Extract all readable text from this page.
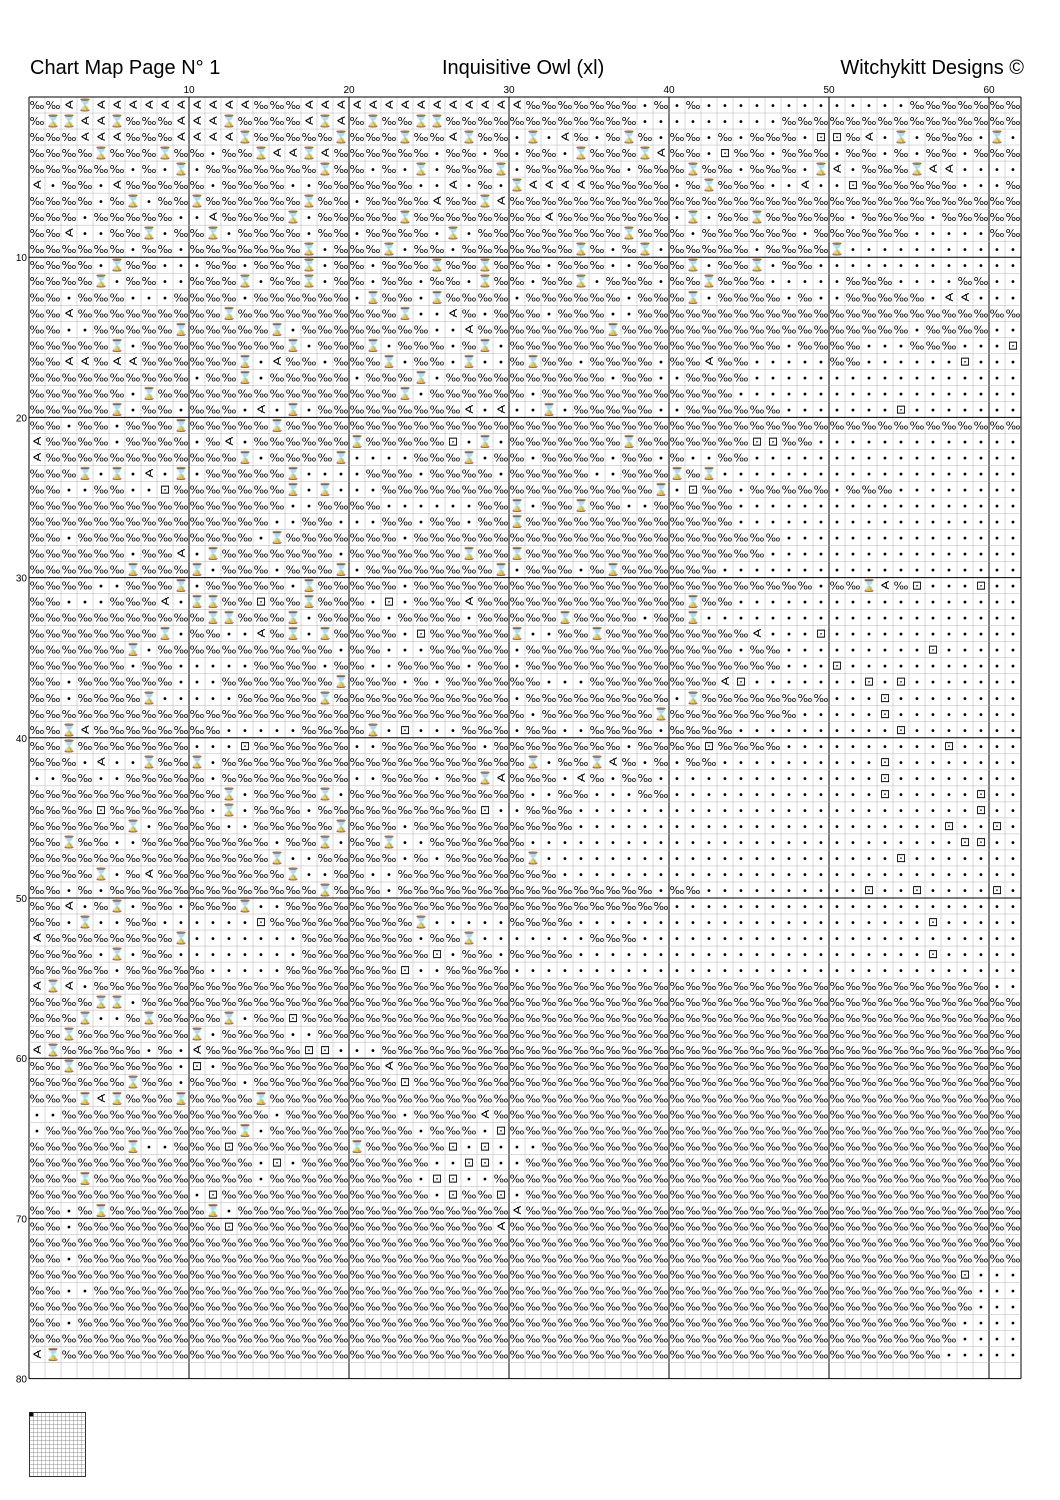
Chart Map Page N° 1	Inquisitive Owl (xl)	Witchykitt Designs ©
10	20	30	40	50	60
10
20
30
40
50
60
70
80
‰ ‰ ∢ ⌛ ∢ ∢ ∢ ∢ ∢ ∢ ∢ ∢ ∢ ∢ ‰ ‰ ‰ ∢ ∢ ∢ ∢ ∢ ∢ ∢ ∢ ∢ ∢ ∢ ∢ ∢ ∢ ‰ ‰ ‰ ‰ ‰ ‰ ‰ • ‰ • ‰ • • • • • • • • • • • • • ‰ ‰ ‰ ‰ ‰ ‰ ‰
‰ ⌛ ⌛ ∢ ∢ ⌛ ‰ ‰ ‰ ∢ ∢ ∢ ⌛ ‰ ‰ ‰ ‰ ∢ ⌛ ∢ ‰ ⌛ ‰ ‰ ⌛ ⌛ ‰ ‰ ‰ ‰ ‰ ‰ ‰ ‰ ‰ ‰ ‰ ‰ • • • • • • • • • ‰ ‰ ‰ ‰ ‰ ‰ ‰ ‰ ‰ ‰ ‰ ‰ ‰ ‰ ‰
‰ ‰ ‰ ∢ ∢ ∢ ‰ ‰ ‰ ∢ ∢ ∢ ∢ ⌛ ‰ ‰ ‰ ‰ ‰ ⌛ ‰ ‰ ‰ ⌛ ‰ ‰ ∢ ⌛ ‰ ‰ • ⌛ • ∢ ‰ • ‰ ⌛ ‰ • ‰ ‰ • ‰ • ‰ ‰ ‰ • ⊡ ⊡ ‰ ∢ • ⌛ • ‰ ‰ ‰ • ⌛ •
‰ ‰ ‰ ‰ ⌛ ‰ ‰ ‰ ⌛ ‰ ‰ • ‰ ‰ ⌛ ∢ ∢ ⌛ ∢ ‰ ‰ ‰ ‰ ‰ ‰ • ‰ ‰ • ‰ • ‰ ‰ • ⌛ ‰ ‰ ‰ ⌛ ∢ ‰ ‰ • ⊡ ‰ ‰ • ‰ ‰ ‰ • ‰ ‰ • ‰ • ‰ ‰ • ‰ ‰ ‰
‰ ‰ ‰ ‰ ‰ ‰ • ‰ • ⌛ • ‰ ‰ ‰ ‰ ‰ ‰ ‰ ⌛ ‰ ‰ • ‰ • ⌛ • ‰ ‰ ‰ ⌛ • ‰ ‰ ‰ ‰ ‰ ‰ • ‰ ‰ ‰ ⌛ ‰ ‰ • ‰ ‰ ‰ • ⌛ ∢ • ‰ ‰ ‰ ⌛ ∢ ∢ • • • •
∢ • ‰ ‰ • ∢ ‰ ‰ ‰ ‰ ‰ • ‰ ‰ ‰ ‰ • • ‰ ‰ ‰ ‰ ‰ ‰ • • ∢ • ‰ • ⌛ ∢ ∢ ∢ ∢ ‰ ‰ ‰ ‰ ‰ • ‰ ⌛ ‰ ‰ ‰ • • ∢ • • ⊡ ‰ ‰ ‰ ‰ ‰ ‰ • • • ‰
‰ ‰ ‰ ‰ • ‰ ⌛ • ‰ ‰ ⌛ ‰ ‰ ‰ ‰ ‰ ‰ ⌛ ‰ ‰ • ‰ ‰ ‰ ‰ ∢ ‰ ‰ ⌛ ∢ ‰ ‰ ‰ ‰ ‰ ‰ ‰ ‰ ‰ ‰ ‰ ‰ ‰ ‰ ‰ ‰ ‰ ‰ ‰ ‰ ‰ ‰ ‰ ‰ ‰ ‰ ‰ ‰ ‰ ‰ ‰ ‰
‰ ‰ ‰ • ‰ ‰ ‰ ‰ ‰ • • ∢ ‰ ‰ ‰ ‰ ⌛ • ‰ ‰ ‰ ‰ ‰ ⌛ ‰ ‰ ‰ ‰ ‰ ‰ ‰ ‰ ∢ ‰ ‰ ‰ ‰ ‰ ‰ ‰ • ⌛ • ‰ ‰ ⌛ ‰ ‰ ‰ ‰ ‰ • ‰ ‰ ‰ ‰ • ‰ ‰ ‰ ‰ ‰
‰ ‰ ∢ • • ‰ ‰ ⌛ • ‰ ‰ ⌛ • ‰ ‰ ‰ ‰ • ‰ ‰ • ‰ ‰ ‰ ‰ • ⌛ • ‰ ‰ ‰ ‰ ‰ ‰ ‰ ‰ ‰ ⌛ ‰ ‰ ‰ • ‰ ‰ ‰ ‰ ‰ ‰ • ‰ ‰ ‰ ‰ ‰ ‰ • • • • • ‰ ‰
‰ ‰ ‰ ‰ ‰ ‰ • ‰ ‰ • ‰ ‰ ‰ ‰ ‰ ‰ ‰ ⌛ • ‰ ‰ ‰ ⌛ • ‰ ‰ • ‰ ‰ ‰ ‰ ‰ ‰ ‰ ⌛ ‰ • ‰ ⌛ • ‰ ‰ ‰ ‰ ‰ • ‰ ‰ ‰ ‰ ⌛ • • • • • • • • • • •
‰ ‰ ‰ ‰ • ⌛ ‰ ‰ • • • ‰ ‰ • ‰ ‰ ‰ ⌛ • ‰ ‰ • ‰ ‰ ‰ ⌛ ‰ ‰ ⌛ ‰ ‰ ‰ • ‰ ‰ ‰ • • ‰ ‰ ‰ ⌛ • ‰ ‰ ⌛ • ‰ ‰ • • • • • • • • • • • • •
‰ ‰ ‰ ‰ ⌛ • ‰ ‰ • • ‰ ‰ ‰ ⌛ • ‰ ‰ ⌛ • ‰ ‰ • ‰ ‰ • ‰ ‰ • ⌛ ‰ ‰ • ‰ ‰ ⌛ • ‰ ‰ ‰ • ‰ ‰ ⌛ ‰ ‰ ‰ • • • • • ‰ ‰ ‰ • • • • ‰ ‰ • •
‰ ‰ • ‰ ‰ ‰ • • • ‰ ‰ ‰ ‰ • ‰ ‰ ‰ ‰ ‰ ‰ • ⌛ ‰ ‰ • ⌛ ‰ ‰ ‰ ‰ • ‰ ‰ ‰ ‰ ‰ ‰ • ‰ ‰ ‰ ⌛ • ‰ ‰ ‰ ‰ • ‰ • • ‰ ‰ ‰ ‰ ‰ • ∢ ∢ • • •
‰ ‰ ∢ ‰ ‰ ‰ ‰ ‰ ‰ ‰ ‰ ‰ ⌛ ‰ ‰ ‰ ‰ ‰ ‰ ‰ ‰ ‰ ‰ ⌛ • • ∢ ‰ • ‰ ‰ ‰ • ‰ ‰ ‰ • • ‰ ‰ ‰ ‰ ‰ ‰ ‰ ‰ ‰ ‰ ‰ ‰ ‰ ‰ ‰ ‰ ‰ ‰ ‰ ‰ ‰ ‰ ‰ ‰
‰ ‰ • • ‰ ‰ ‰ ‰ ‰ ⌛ ‰ ‰ ‰ ‰ ‰ ⌛ • ‰ ‰ ‰ ‰ ‰ ‰ ‰ ‰ • • ∢ ‰ ‰ ‰ ‰ ‰ ‰ ‰ ‰ ⌛ ‰ ‰ ‰ ‰ ‰ ‰ ‰ ‰ ‰ ‰ ‰ ‰ ‰ ‰ ‰ ‰ ‰ ‰ • ‰ ‰ ‰ ‰ • •
‰ ‰ ‰ ‰ ‰ ⌛ • ‰ ‰ ‰ ‰ ‰ ‰ ‰ ‰ ‰ ⌛ • ‰ ‰ ‰ ⌛ • ‰ ‰ ‰ • ‰ ⌛ • ‰ ‰ ‰ ‰ ‰ ‰ ‰ ‰ ‰ ‰ ‰ ‰ ‰ ‰ ‰ ‰ ‰ • ‰ ‰ ‰ ‰ • • • ‰ ‰ ‰ • • • ⊡
‰ ‰ ∢ ∢ ‰ ∢ ∢ ‰ ‰ ‰ ‰ ‰ ‰ ⌛ • ∢ ‰ ‰ • ‰ ‰ ‰ ⌛ • ‰ ‰ • ⌛ • • ‰ ⌛ ‰ ‰ • ‰ ‰ ‰ ‰ • ‰ ‰ ∢ ‰ ‰ • • • • • ‰ ‰ • • • • • • ⊡ • • •
‰ ‰ ‰ ‰ ‰ ‰ ‰ ‰ ‰ ‰ • ‰ ‰ ⌛ • ‰ ‰ ‰ ‰ ‰ • ‰ ‰ ‰ ⌛ • ‰ ‰ ‰ ‰ ‰ ‰ ‰ ‰ ‰ ‰ • ‰ ‰ • • ‰ ‰ ‰ ‰ • • • • • • • • • • • • • • • • •
‰ ‰ ‰ ‰ ‰ ‰ • ⌛ ‰ ‰ ‰ ‰ ‰ ‰ ‰ ‰ ‰ ‰ ‰ ‰ ‰ ‰ ‰ ⌛ • ‰ ‰ ‰ ‰ ‰ ‰ • ‰ ‰ ‰ ‰ ‰ ‰ ‰ ‰ ‰ ‰ ‰ ‰ • • • • • • • • • • • • • • • • • •
‰ ‰ ‰ ‰ ‰ ⌛ • ‰ ‰ • ‰ ‰ ‰ • ∢ • ⌛ • ‰ ‰ ‰ ‰ ‰ ‰ ‰ ‰ ‰ ∢ • ∢ • • ⌛ • ‰ ‰ ‰ ‰ ‰ • • ‰ ‰ ‰ ‰ ‰ ‰ • • • • • • • ⊡ • • • • • • •
‰ ‰ • ‰ ‰ • ‰ ‰ ‰ ⌛ ‰ ‰ ‰ ‰ ‰ ⌛ ‰ ‰ ‰ ‰ ‰ ‰ ‰ ‰ ‰ ‰ ‰ ‰ ‰ ‰ ‰ ‰ ‰ ‰ ‰ ‰ ‰ ‰ ‰ ‰ ‰ ‰ ‰ ‰ ‰ ‰ ‰ ‰ ‰ ‰ ‰ ‰ ‰ ‰ ‰ ‰ ‰ ‰ ‰ ‰ ‰ ‰
∢ ‰ ‰ ‰ ‰ • ‰ ‰ ‰ ‰ • ‰ ∢ • ‰ ‰ ‰ ‰ ‰ ‰ ⌛ ‰ ‰ ‰ ‰ ‰ ⊡ • ⌛ • ‰ ‰ ‰ ‰ ‰ ‰ ‰ ⌛ ‰ ‰ ‰ ‰ ‰ ‰ ‰ ⊡ ⊡ ‰ ‰ • • • • • • • • • • • • •
∢ ‰ ‰ ‰ ‰ ‰ ‰ ‰ ‰ ‰ ‰ ‰ ‰ ⌛ • ‰ ‰ ‰ ‰ ⌛ • • • • ‰ ‰ ‰ ⌛ • ‰ ‰ • ‰ ‰ ‰ ‰ • ‰ ‰ • ‰ • • ‰ ‰ • • • • • • • • • • • • • • • • •
‰ ‰ ‰ ⌛ • ⌛ • ∢ • ⌛ • ‰ ‰ ‰ ‰ ‰ ⌛ • • • • ‰ ‰ ‰ • ‰ ‰ ‰ ‰ • ‰ ‰ ‰ ‰ ‰ • • ‰ ‰ ‰ ⌛ ‰ ⌛ • • • • • • • • • • • • • • • • • • •
‰ ‰ • • ‰ ‰ • • ⊡ ‰ ‰ ‰ ‰ ‰ ‰ ‰ ⌛ • ⌛ • • • ‰ ‰ ‰ ‰ ‰ ‰ ‰ ‰ ‰ ‰ ‰ ‰ ‰ ‰ ‰ ‰ ‰ ⌛ • ⊡ ‰ ‰ • ‰ ‰ ‰ ‰ ‰ • ‰ ‰ ‰ • • • • • • • •
‰ ‰ ‰ ‰ ‰ ‰ ‰ ‰ ‰ ‰ ‰ ‰ ‰ ‰ ‰ ‰ • • ‰ ‰ ‰ ‰ • • • • • • ‰ ‰ ⌛ • ‰ ‰ ⌛ ‰ ‰ • • ‰ ‰ ‰ ‰ ‰ • • • • • • • • • • • • • • • • • •
‰ ‰ ‰ ‰ ‰ ‰ ‰ ‰ ‰ ‰ ‰ ‰ ‰ ‰ ‰ • • ‰ ‰ • • • ‰ ‰ • ‰ ‰ • ‰ ‰ ⌛ ‰ ‰ ‰ ‰ ‰ ‰ ‰ ‰ ‰ ‰ ‰ ‰ ‰ • • • • • • • • • • • • • • • • • •
‰ ‰ • ‰ ‰ ‰ ‰ ‰ ‰ ‰ ‰ ‰ ‰ ‰ • ⌛ ‰ ‰ ‰ ‰ ‰ ‰ ‰ • ‰ ‰ ‰ ‰ ‰ ‰ ‰ ‰ ‰ ‰ ‰ ‰ ‰ ‰ ‰ ‰ ‰ ‰ ‰ ‰ ‰ ‰ ‰ • • • • • • • • • • • • • • •
‰ ‰ ‰ ‰ ‰ ‰ • ‰ ‰ ∢ • ⌛ ‰ ‰ ‰ ‰ ‰ ‰ ‰ • ‰ ‰ ‰ ‰ ‰ ‰ ‰ ⌛ ‰ ‰ ⌛ ‰ ‰ ‰ ‰ ‰ ‰ ‰ ‰ ‰ ‰ ‰ ‰ ‰ ‰ ‰ • • • • • • • • • • • • • • • •
‰ ‰ ‰ ‰ ‰ ‰ ⌛ ‰ ‰ ‰ ⌛ • ‰ ‰ ‰ • ‰ ‰ ‰ ⌛ • ‰ ‰ ‰ ‰ ‰ ‰ ‰ ‰ ⌛ • ‰ ‰ ‰ • ‰ ⌛ ‰ ‰ ‰ ‰ ‰ ‰ • • • • • • • • • • • • • • • • • • •
‰ ‰ ‰ ‰ • • ‰ ‰ ‰ ⌛ • ‰ ‰ ‰ ‰ ‰ • ⌛ ‰ ‰ ‰ ‰ ‰ • ‰ ‰ ‰ ‰ ‰ ‰ ‰ ‰ ‰ ‰ ‰ ‰ ‰ ‰ ‰ ‰ ‰ ‰ ‰ ‰ ‰ ‰ ‰ ‰ ‰ • ‰ ‰ ⌛ ∢ ‰ ⊡ • • • ⊡ • •
‰ ‰ • • • ‰ ‰ ‰ ∢ • ⌛ ⌛ ‰ ‰ ⊡ ‰ ‰ ⌛ ‰ ‰ ‰ • ⊡ • ‰ ‰ ‰ ∢ ‰ ‰ ‰ ‰ ‰ ‰ ‰ ‰ ‰ ‰ ‰ ‰ ‰ ⌛ ‰ ‰ • • • • • • • • • • • • • • • • • •
‰ ‰ ‰ ‰ ‰ ‰ ‰ ‰ ‰ ‰ ‰ ⌛ ⌛ ‰ ‰ ‰ ⌛ • ‰ ‰ ‰ ‰ • ‰ ‰ ‰ ‰ • ‰ ‰ ‰ ‰ ‰ ⌛ ‰ ‰ ‰ ‰ • ‰ ‰ ⌛ • • • • • • • • • • • • • • • • • • • •
‰ ‰ ‰ ‰ ‰ ‰ ‰ ‰ ⌛ • ‰ ‰ • • ∢ ‰ ⌛ • ⌛ ‰ ‰ ‰ ‰ • ⊡ ‰ ‰ ‰ ‰ ‰ ⌛ • • ‰ ‰ ⌛ ‰ ‰ ‰ ‰ ‰ ‰ ‰ ‰ ‰ ∢ • • • ⊡ • • • • • • • • • • • •
‰ ‰ ‰ ‰ ‰ ‰ ⌛ • ‰ ‰ ‰ ‰ ‰ ‰ ‰ ‰ ‰ ‰ ‰ • ‰ ‰ • • • ‰ ‰ ‰ ‰ ‰ • ‰ ‰ ‰ ‰ ‰ ‰ ‰ ‰ ‰ ‰ ‰ ‰ ‰ • ‰ ‰ • • • • • • • • • ⊡ • • • • •
‰ ‰ ‰ ‰ ‰ ‰ • ‰ ‰ • • • • • ‰ ‰ ‰ ‰ • ‰ ‰ • • ‰ ‰ ‰ ‰ • ‰ ‰ • ‰ ‰ ‰ ‰ ‰ ‰ ‰ ‰ ‰ ‰ ‰ ‰ ‰ ‰ ‰ ‰ • • • ⊡ • • • • • • • • • • •
‰ ‰ • ‰ ‰ ‰ ‰ ‰ ‰ • • • ‰ ‰ ‰ ‰ ‰ ‰ ‰ ⌛ ‰ ‰ ‰ • ‰ • ‰ ‰ ‰ ‰ ‰ ‰ • • • ‰ ‰ ‰ ‰ ‰ ‰ ‰ ‰ ∢ ⊡ • • • • • • • ⊡ • ⊡ • • • • • • •
‰ ‰ • ‰ ‰ ‰ ‰ ⌛ • • • • • ‰ ‰ ‰ ‰ ‰ ⌛ ‰ ‰ ‰ ‰ ‰ ‰ ‰ ‰ ‰ ‰ ‰ • ‰ ‰ ‰ ‰ ‰ ‰ ‰ ‰ ‰ • ⌛ ‰ ‰ ‰ ‰ ‰ ‰ ‰ ‰ • • • ⊡ • • • • • • • •
‰ ‰ ‰ ‰ ‰ ‰ ‰ ‰ ‰ ‰ ‰ ‰ ‰ ‰ ‰ ‰ ‰ ‰ ‰ ‰ ‰ ‰ ‰ ‰ ‰ ‰ ‰ ‰ ‰ ‰ ‰ • ‰ ‰ ‰ ‰ ‰ ‰ ‰ ⌛ ‰ ‰ ‰ ‰ ‰ ‰ ‰ ‰ • • • • • ⊡ • • • • • • • •
‰ ‰ ⌛ ∢ ‰ ‰ ‰ ‰ ‰ ‰ ‰ ‰ • • • • • ‰ ‰ ‰ ‰ ⌛ • ⊡ • • • ‰ ‰ ‰ • ‰ ‰ • • ‰ ‰ ‰ ‰ • ‰ ‰ ‰ ‰ • • • • • • • • • • ⊡ • • • • • • •
‰ ‰ ⌛ ‰ ‰ ‰ ‰ ‰ ‰ ‰ • • • ⊡ ‰ ‰ ‰ ‰ ‰ ‰ • • ‰ ‰ ‰ ‰ ‰ ‰ • ‰ ‰ ‰ ‰ ‰ ‰ ‰ ‰ • ‰ ‰ ‰ ‰ ⊡ ‰ ‰ ‰ ‰ • • • • • • • • • • ⊡ • • • •
‰ ‰ ‰ • ∢ • • ⌛ ‰ ‰ ⌛ • ‰ ‰ ‰ ‰ ‰ ‰ ‰ ‰ ‰ ‰ ‰ ‰ ‰ ‰ ‰ ‰ ‰ ‰ ‰ ⌛ • ‰ ‰ ⌛ ∢ ‰ • ‰ • ‰ ‰ • • • • • • • • • • ⊡ • • • • • • • •
• • ‰ ‰ • • ‰ ‰ ‰ ‰ ‰ • ‰ ‰ ‰ ‰ ‰ ‰ ‰ ‰ • • ‰ ‰ ‰ • ‰ ‰ ⌛ ∢ ‰ ‰ ‰ • ∢ ‰ • ‰ ‰ • • • • • • • • • • • • • • ⊡ • • • • • • • •
‰ ‰ ‰ ‰ ‰ ‰ ‰ ‰ ‰ ‰ ‰ ‰ ⌛ • ‰ ‰ ‰ ‰ ⌛ • ‰ ‰ ‰ ‰ ‰ ‰ ‰ ‰ ‰ ‰ ‰ • • ‰ ‰ • • • ‰ ‰ • • • • • • • • • • • • • ⊡ • • • • • ⊡ • •
‰ ‰ ‰ ‰ ⊡ ‰ ‰ ‰ ‰ ‰ ‰ • ⌛ • ‰ ‰ ‰ • ‰ ‰ ‰ ‰ ‰ ‰ ‰ ‰ ‰ ‰ ⊡ • • ‰ ‰ ‰ • • • • • • • • • • • • • • • • • • • • • • • • • ⊡ • •
‰ ‰ ‰ ‰ ‰ ‰ ⌛ • ‰ ‰ ‰ ‰ • • ‰ ‰ ‰ ‰ ‰ ⌛ ‰ ‰ ‰ • ‰ ‰ ‰ ‰ ‰ ‰ ‰ ‰ ‰ ‰ • • • • • • • • • • • • • • • • • • • • • • • ⊡ • • ⊡ •
‰ ‰ ⌛ ‰ ‰ • • ‰ ‰ ‰ ‰ ‰ ‰ ‰ ‰ • ‰ ‰ ⌛ • ‰ ‰ ⌛ • • ‰ ‰ ‰ ‰ ‰ ‰ • • • • • • • • • • • • • • • • • • • • • • • • • • • ⊡ ⊡ • •
‰ ‰ ‰ ‰ ‰ ‰ ‰ ‰ ‰ ‰ ‰ ‰ ‰ ‰ ‰ ⌛ • • ‰ ‰ ‰ ‰ ‰ • ‰ • ‰ ‰ ‰ ‰ ‰ ⌛ • • • • • • • • • • • • • • • • • • • • • • ⊡ • • • • • • •
‰ ‰ ‰ ‰ ⌛ • ‰ ∢ ‰ ‰ ‰ ‰ ‰ ‰ ‰ ‰ ⌛ • • ‰ ‰ • • ‰ ‰ ‰ ‰ ‰ ‰ ‰ ‰ ‰ ‰ • • • • • • • • • • • • • • • • • • • • • • • • • • • • •
‰ ‰ • ‰ • ‰ ‰ ‰ ‰ ‰ ‰ ‰ ‰ ‰ ‰ ‰ ‰ ‰ ⌛ ‰ ‰ ‰ • ‰ ‰ ‰ ‰ ‰ ‰ ‰ ‰ ‰ ‰ ‰ ‰ ‰ ‰ ‰ ‰ • ‰ ‰ • • • • • • • • • • ⊡ • • ⊡ • • • • ⊡ •
‰ ‰ ∢ • ‰ ⌛ • ‰ ‰ • ‰ ‰ ‰ ⌛ • • ‰ ‰ ‰ ‰ ‰ ‰ ‰ ‰ ‰ ‰ ‰ ‰ ‰ ‰ ‰ ‰ ‰ ‰ ‰ ‰ ‰ ‰ ‰ ‰ • • • • • • • • • • • • • • • • • • • • • •
‰ ‰ • ⌛ • • ‰ ‰ • • • • • • ⊡ ‰ ‰ ‰ ‰ ‰ ‰ ‰ ‰ ‰ ⌛ • • • • • ‰ ‰ ‰ ‰ • • • • • • • • • • • • • • • • • • • • • • ⊡ • • • • •
∢ ‰ ‰ ‰ ‰ ‰ ‰ ‰ ‰ ⌛ • • • • • • • ‰ ‰ ‰ ‰ ‰ ‰ ‰ • ‰ ‰ ⌛ • • • • • • • ‰ ‰ ‰ • • • • • • • • • • • • • • • • • • • • • • • •
‰ ‰ ‰ ‰ • ⌛ • ‰ ‰ • • • • • • • • ‰ ‰ ‰ ‰ ‰ ‰ ‰ ‰ ⊡ • ‰ ‰ • ‰ ‰ ‰ ‰ • • • • • • • • • • • • • • • • • • • • • • ⊡ • • • • •
‰ ‰ ‰ ‰ ‰ • ‰ ‰ ‰ ‰ ‰ • • • • • ‰ ‰ ‰ ‰ ‰ ‰ ‰ ⊡ • • ‰ ‰ ‰ ‰ • • • • • • • • • • • • • • • • • • • • • • • • • • • • • • • •
∢ ⌛ ∢ • ‰ ‰ ‰ ‰ ‰ ‰ ‰ ‰ ‰ ‰ ‰ ‰ ‰ ‰ ‰ ‰ ‰ ‰ ‰ ‰ ‰ ‰ ‰ ‰ ‰ ‰ ‰ ‰ ‰ ‰ ‰ ‰ ‰ ‰ ‰ ‰ ‰ ‰ ‰ ‰ ‰ ‰ ‰ ‰ ‰ ‰ ‰ ‰ ‰ ‰ ‰ ‰ ‰ ‰ ‰ ‰ • •
‰ ‰ ‰ ‰ ⌛ ⌛ • ‰ ‰ ‰ ‰ ‰ ‰ ‰ ‰ ‰ ‰ ‰ ‰ ‰ ‰ ‰ ‰ ‰ ‰ ‰ ‰ ‰ ‰ ‰ ‰ ‰ ‰ ‰ ‰ ‰ ‰ ‰ ‰ ‰ ‰ ‰ ‰ ‰ ‰ ‰ ‰ ‰ ‰ ‰ ‰ ‰ ‰ ‰ ‰ ‰ ‰ ‰ ‰ ‰ ‰ ‰
‰ ‰ ‰ ⌛ • • ‰ ⌛ ‰ ‰ ‰ ‰ ⌛ • ‰ ‰ ⊡ ‰ ‰ ‰ ‰ ‰ ‰ ‰ ‰ ‰ ‰ ‰ ‰ ‰ ‰ ‰ ‰ ‰ ‰ ‰ ‰ ‰ ‰ ‰ ‰ ‰ ‰ ‰ ‰ ‰ ‰ ‰ ‰ ‰ ‰ ‰ ‰ ‰ ‰ ‰ ‰ ‰ ‰ ‰ ‰ ‰
‰ ‰ ⌛ ‰ ‰ ‰ ‰ ‰ ‰ ‰ ⌛ • ‰ ‰ ‰ ‰ • • ‰ ‰ ‰ ‰ ‰ ‰ ‰ ‰ ‰ ‰ ‰ ‰ ‰ ‰ ‰ ‰ ‰ ‰ ‰ ‰ ‰ ‰ ‰ ‰ ‰ ‰ ‰ ‰ ‰ ‰ ‰ ‰ ‰ ‰ ‰ ‰ ‰ ‰ ‰ ‰ ‰ ‰ ‰ ‰
∢ ⌛ ‰ ‰ ‰ ‰ ‰ • ‰ • ∢ ‰ ‰ ‰ ‰ ‰ ‰ ⊡ ⊡ • • • ‰ ‰ ‰ ‰ ‰ ‰ ‰ ‰ ‰ ‰ ‰ ‰ ‰ ‰ ‰ ‰ ‰ ‰ ‰ ‰ ‰ ‰ ‰ ‰ ‰ ‰ ‰ ‰ ‰ ‰ ‰ ‰ ‰ ‰ ‰ ‰ ‰ ‰ ‰ ‰
‰ ‰ ⌛ ‰ ‰ ‰ ‰ ‰ ‰ • ⊡ • ‰ ‰ ‰ ‰ ‰ ‰ ‰ ‰ ‰ ‰ ∢ ‰ ‰ ‰ ‰ ‰ ‰ ‰ ‰ ‰ ‰ ‰ ‰ ‰ ‰ ‰ ‰ ‰ ‰ ‰ ‰ ‰ ‰ ‰ ‰ ‰ ‰ ‰ ‰ ‰ ‰ ‰ ‰ ‰ ‰ ‰ ‰ ‰ ‰ ‰
‰ ‰ ‰ ‰ ‰ ‰ ⌛ ‰ ‰ • ‰ ‰ ‰ • ‰ ‰ ‰ ‰ ‰ ‰ ‰ ‰ ‰ ⊡ ‰ ‰ ‰ ‰ ‰ ‰ ‰ ‰ ‰ ‰ ‰ ‰ ‰ ‰ ‰ ‰ ‰ ‰ ‰ ‰ ‰ ‰ ‰ ‰ ‰ ‰ ‰ ‰ ‰ ‰ ‰ ‰ ‰ ‰ ‰ ‰ ‰ ‰
‰ ‰ ‰ ⌛ ∢ ⌛ ‰ ‰ ‰ ⌛ ‰ ‰ ‰ ‰ ⌛ ‰ ‰ ‰ ‰ ‰ ‰ ‰ ‰ ‰ ‰ ‰ ‰ ‰ ‰ ‰ ‰ ‰ ‰ ‰ ‰ ‰ ‰ ‰ ‰ ‰ ‰ ‰ ‰ ‰ ‰ ‰ ‰ ‰ ‰ ‰ ‰ ‰ ‰ ‰ ‰ ‰ ‰ ‰ ‰ ‰ ‰ ‰
• • ‰ ‰ ‰ ‰ ‰ ‰ ‰ ‰ ‰ ‰ ‰ ‰ ‰ • ‰ ‰ ‰ ‰ ‰ ‰ ‰ • ‰ ‰ ‰ ‰ ∢ ‰ ‰ ‰ ‰ ‰ ‰ ‰ ‰ ‰ ‰ ‰ ‰ ‰ ‰ ‰ ‰ ‰ ‰ ‰ ‰ ‰ ‰ ‰ ‰ ‰ ‰ ‰ ‰ ‰ ‰ ‰ ‰ ‰
• ‰ ‰ ‰ ‰ ‰ ‰ ‰ ‰ ‰ ‰ ‰ ‰ ⌛ • ‰ ‰ ‰ ‰ ‰ ‰ ‰ ‰ ‰ • ‰ ‰ ‰ • ⊡ ‰ ‰ ‰ ‰ ‰ ‰ ‰ ‰ ‰ ‰ ‰ ‰ ‰ ‰ ‰ ‰ ‰ ‰ ‰ ‰ ‰ ‰ ‰ ‰ ‰ ‰ ‰ ‰ ‰ ‰ ‰ ‰
‰ ‰ ‰ ‰ ‰ ‰ ⌛ • • ‰ ‰ ‰ ⊡ ‰ ‰ ‰ ‰ ‰ ‰ ‰ ⌛ ‰ ‰ ‰ ‰ ‰ ⊡ • ⊡ • • • ‰ ‰ ‰ ‰ ‰ ‰ ‰ ‰ ‰ ‰ ‰ ‰ ‰ ‰ ‰ ‰ ‰ ‰ ‰ ‰ ‰ ‰ ‰ ‰ ‰ ‰ ‰ ‰ ‰ ‰
‰ ‰ ‰ ‰ ‰ ‰ ‰ ‰ ‰ ‰ ‰ ‰ ‰ ‰ • ⊡ • ‰ ‰ ‰ ‰ ‰ ‰ ‰ ‰ • • ⊡ ⊡ • • ‰ ‰ ‰ ‰ ‰ ‰ ‰ ‰ ‰ ‰ ‰ ‰ ‰ ‰ ‰ ‰ ‰ ‰ ‰ ‰ ‰ ‰ ‰ ‰ ‰ ‰ ‰ ‰ ‰ ‰ ‰
‰ ‰ ‰ ⌛ ‰ ‰ ‰ ‰ ‰ ‰ ‰ ‰ ‰ ‰ • ‰ ‰ ‰ ‰ ‰ ‰ ‰ ‰ ‰ • ⊡ ⊡ • • ‰ ‰ ‰ ‰ ‰ ‰ ‰ ‰ ‰ ‰ ‰ ‰ ‰ ‰ ‰ ‰ ‰ ‰ ‰ ‰ ‰ ‰ ‰ ‰ ‰ ‰ ‰ ‰ ‰ ‰ ‰ ‰ ‰
‰ ‰ ‰ ‰ ‰ ‰ ‰ ‰ ‰ ‰ • ⊡ ‰ ‰ ‰ ‰ ‰ ‰ ‰ ‰ ‰ ‰ ‰ ‰ ‰ • ⊡ ‰ ‰ ⊡ • ‰ ‰ ‰ ‰ ‰ ‰ ‰ ‰ ‰ ‰ ‰ ‰ ‰ ‰ ‰ ‰ ‰ ‰ ‰ ‰ ‰ ‰ ‰ ‰ ‰ ‰ ‰ ‰ ‰ ‰ ‰
‰ ‰ • ‰ ⌛ ‰ ‰ ‰ ‰ ‰ ‰ ⌛ • ‰ ‰ ‰ ‰ ‰ ‰ ‰ ‰ ‰ ‰ ‰ ‰ ‰ ‰ ‰ ‰ ‰ ∢ ‰ ‰ ‰ ‰ ‰ ‰ ‰ ‰ ‰ ‰ ‰ ‰ ‰ ‰ ‰ ‰ ‰ ‰ ‰ ‰ ‰ ‰ ‰ ‰ ‰ ‰ ‰ ‰ ‰ ‰ ‰
‰ ‰ • ‰ ‰ ‰ ‰ ‰ ‰ ‰ ‰ ‰ ⊡ ‰ ‰ ‰ ‰ ‰ ‰ ‰ ‰ ‰ ‰ ‰ ‰ ‰ ‰ ‰ ‰ ∢ ‰ ‰ ‰ ‰ ‰ ‰ ‰ ‰ ‰ ‰ ‰ ‰ ‰ ‰ ‰ ‰ ‰ ‰ ‰ ‰ ‰ ‰ ‰ ‰ ‰ ‰ ‰ ‰ ‰ ‰ ‰ ‰
‰ ‰ ‰ ‰ ‰ ‰ ‰ ‰ ‰ ‰ ‰ ‰ ‰ ‰ ‰ ‰ ‰ ‰ ‰ ‰ ‰ ‰ ‰ ‰ ‰ ‰ ‰ ‰ ‰ ‰ ‰ ‰ ‰ ‰ ‰ ‰ ‰ ‰ ‰ ‰ ‰ ‰ ‰ ‰ ‰ ‰ ‰ ‰ ‰ ‰ ‰ ‰ ‰ ‰ ‰ ‰ ‰ ‰ ‰ ‰ ‰ ‰
‰ ‰ • ‰ ‰ ‰ ‰ ‰ ‰ ‰ ‰ ‰ ‰ ‰ ‰ ‰ ‰ ‰ ‰ ‰ ‰ ‰ ‰ ‰ ‰ ‰ ‰ ‰ ‰ ‰ ‰ ‰ ‰ ‰ ‰ ‰ ‰ ‰ ‰ ‰ ‰ ‰ ‰ ‰ ‰ ‰ ‰ ‰ ‰ ‰ ‰ ‰ ‰ ‰ ‰ ‰ ‰ ‰ ‰ ‰ ‰ ‰
‰ ‰ ‰ ‰ ‰ ‰ ‰ ‰ ‰ ‰ ‰ ‰ ‰ ‰ ‰ ‰ ‰ ‰ ‰ ‰ ‰ ‰ ‰ ‰ ‰ ‰ ‰ ‰ ‰ ‰ ‰ ‰ ‰ ‰ ‰ ‰ ‰ ‰ ‰ ‰ ‰ ‰ ‰ ‰ ‰ ‰ ‰ ‰ ‰ ‰ ‰ ‰ ‰ ‰ ‰ ‰ ‰ ‰ ⊡ • • •
‰ ‰ • • ‰ ‰ ‰ ‰ ‰ ‰ ‰ ‰ ‰ ‰ ‰ ‰ ‰ ‰ ‰ ‰ ‰ ‰ ‰ ‰ ‰ ‰ ‰ ‰ ‰ ‰ ‰ ‰ ‰ ‰ ‰ ‰ ‰ ‰ ‰ ‰ ‰ ‰ ‰ ‰ ‰ ‰ ‰ ‰ ‰ ‰ ‰ ‰ ‰ ‰ ‰ ‰ ‰ ‰ ‰ • • •
‰ ‰ ‰ ‰ ‰ ‰ ‰ ‰ ‰ ‰ ‰ ‰ ‰ ‰ ‰ ‰ ‰ ‰ ‰ ‰ ‰ ‰ ‰ ‰ ‰ ‰ ‰ ‰ ‰ ‰ ‰ ‰ ‰ ‰ ‰ ‰ ‰ ‰ ‰ ‰ ‰ ‰ ‰ ‰ ‰ ‰ ‰ ‰ ‰ ‰ ‰ ‰ ‰ ‰ ‰ ‰ ‰ ‰ ‰ • • •
‰ ‰ • ‰ ‰ ‰ ‰ ‰ ‰ ‰ ‰ ‰ ‰ ‰ ‰ ‰ ‰ ‰ ‰ ‰ ‰ ‰ ‰ ‰ ‰ ‰ ‰ ‰ ‰ ‰ ‰ ‰ ‰ ‰ ‰ ‰ ‰ ‰ ‰ ‰ ‰ ‰ ‰ ‰ ‰ ‰ ‰ ‰ ‰ ‰ ‰ ‰ ‰ ‰ ‰ ‰ ‰ ‰ • • • •
‰ ‰ ‰ ‰ ‰ ‰ ‰ ‰ ‰ ‰ ‰ ‰ ‰ ‰ ‰ ‰ ‰ ‰ ‰ ‰ ‰ ‰ ‰ ‰ ‰ ‰ ‰ ‰ ‰ ‰ ‰ ‰ ‰ ‰ ‰ ‰ ‰ ‰ ‰ ‰ ‰ ‰ ‰ ‰ ‰ ‰ ‰ ‰ ‰ ‰ ‰ ‰ ‰ ‰ ‰ ‰ ‰ ‰ • • • •
∢ ⌛ ‰ ‰ ‰ ‰ ‰ ‰ ‰ ‰ ‰ ‰ ‰ ‰ ‰ ‰ ‰ ‰ ‰ ‰ ‰ ‰ ‰ ‰ ‰ ‰ ‰ ‰ ‰ ‰ ‰ ‰ ‰ ‰ ‰ ‰ ‰ ‰ ‰ ‰ ‰ ‰ ‰ ‰ ‰ ‰ ‰ ‰ ‰ ‰ ‰ ‰ ‰ ‰ ‰ ‰ ‰ • • • • •
